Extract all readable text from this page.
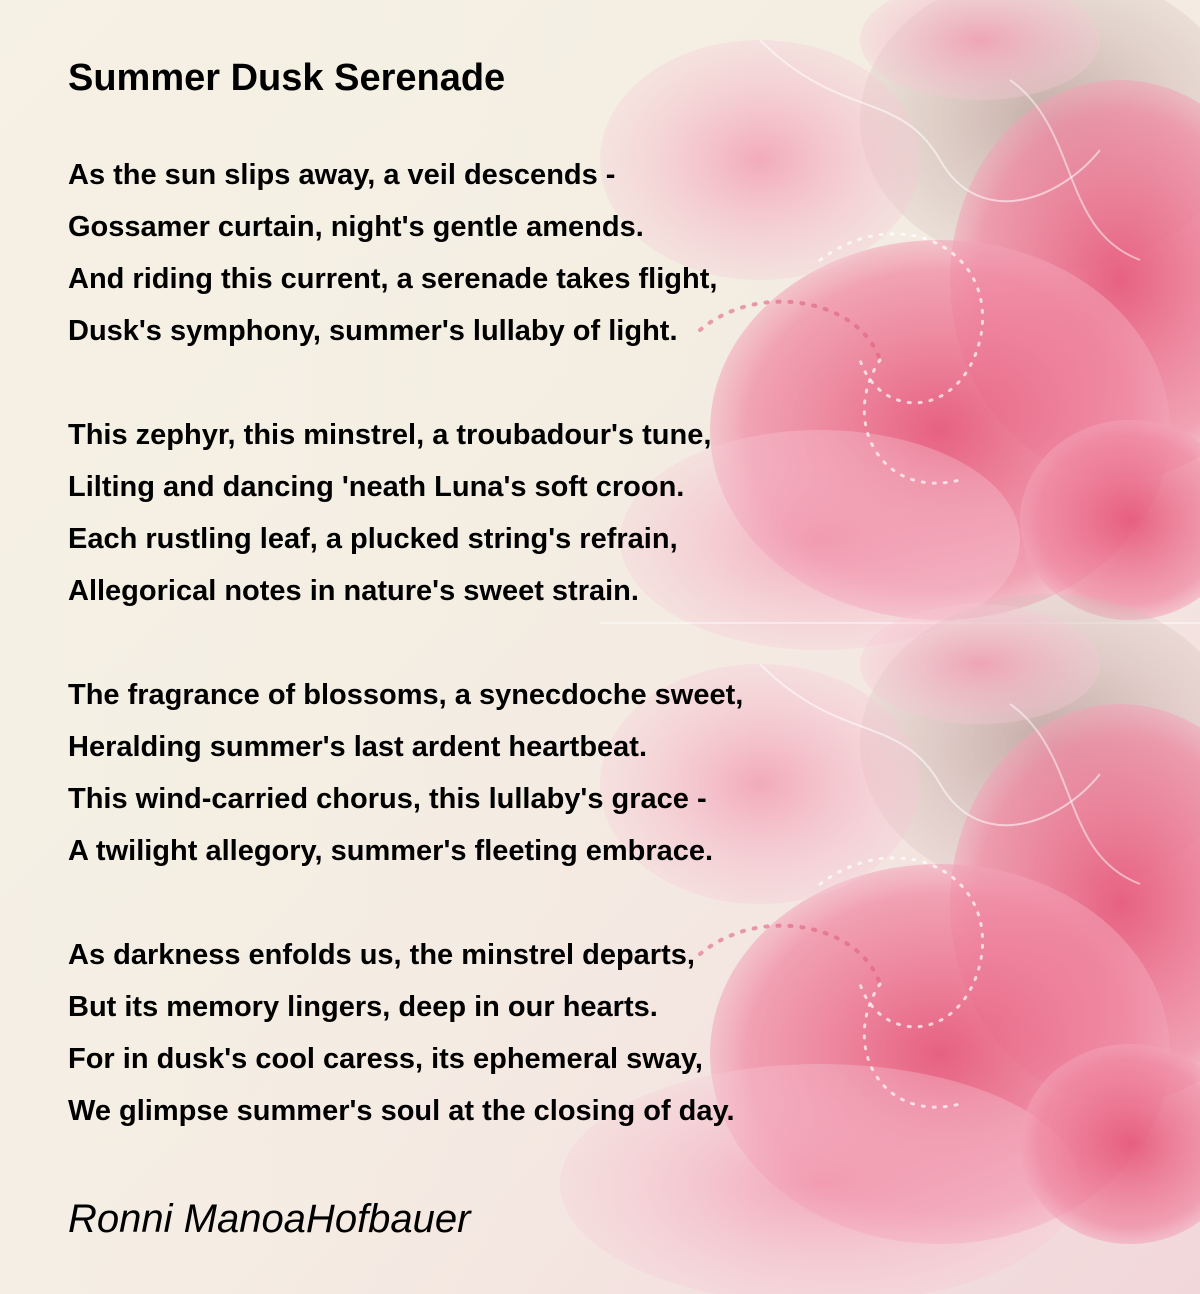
Summer Dusk Serenade
As the sun slips away, a veil descends -
Gossamer curtain, night's gentle amends.
And riding this current, a serenade takes flight,
Dusk's symphony, summer's lullaby of light.
This zephyr, this minstrel, a troubadour's tune,
Lilting and dancing 'neath Luna's soft croon.
Each rustling leaf, a plucked string's refrain,
Allegorical notes in nature's sweet strain.
The fragrance of blossoms, a synecdoche sweet,
Heralding summer's last ardent heartbeat.
This wind-carried chorus, this lullaby's grace -
A twilight allegory, summer's fleeting embrace.
As darkness enfolds us, the minstrel departs,
But its memory lingers, deep in our hearts.
For in dusk's cool caress, its ephemeral sway,
We glimpse summer's soul at the closing of day.
Ronni ManoaHofbauer
